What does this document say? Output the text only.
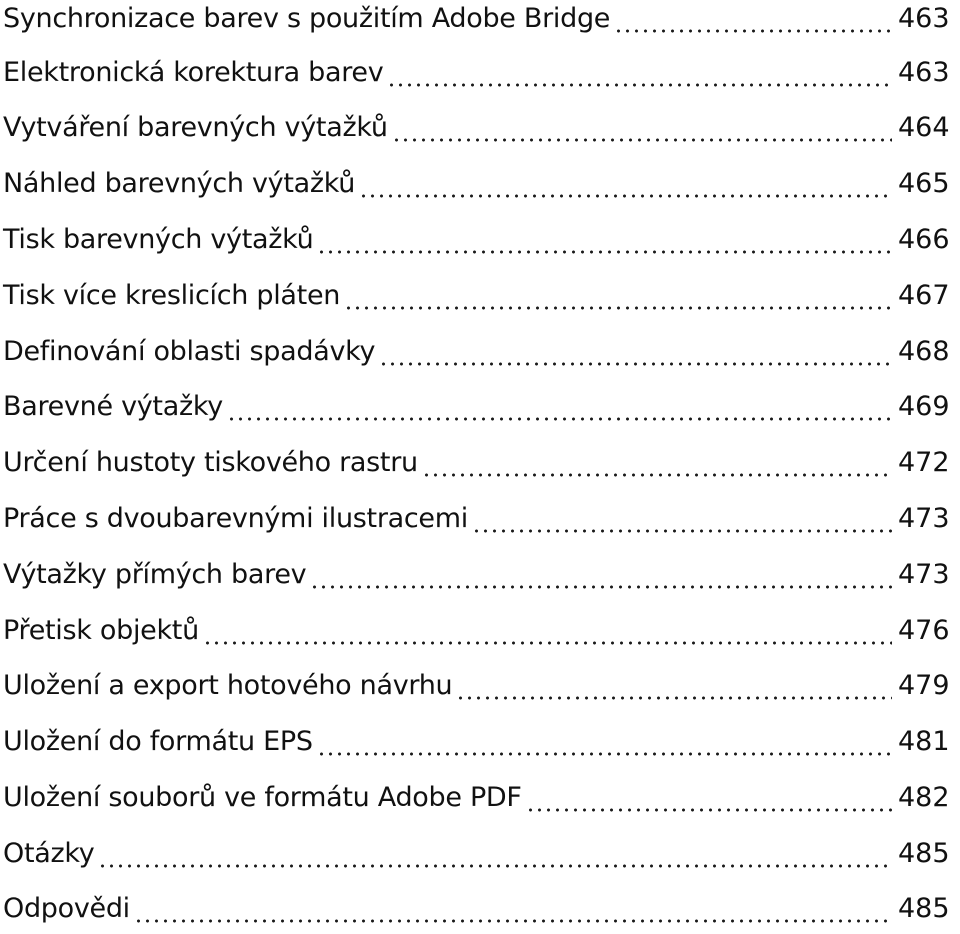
Synchronizace barev s použitím Adobe Bridge	463
Elektronická korektura barev	463
Vytváření barevných výtažků	464
Náhled barevných výtažků	465
Tisk barevných výtažků	466
Tisk více kreslicích pláten	467
Definování oblasti spadávky	468
Barevné výtažky	469
Určení hustoty tiskového rastru	472
Práce s dvoubarevnými ilustracemi	473
Výtažky přímých barev	473
Přetisk objektů	476
Uložení a export hotového návrhu	479
Uložení do formátu EPS	481
Uložení souborů ve formátu Adobe PDF	482
Otázky	485
Odpovědi	485
